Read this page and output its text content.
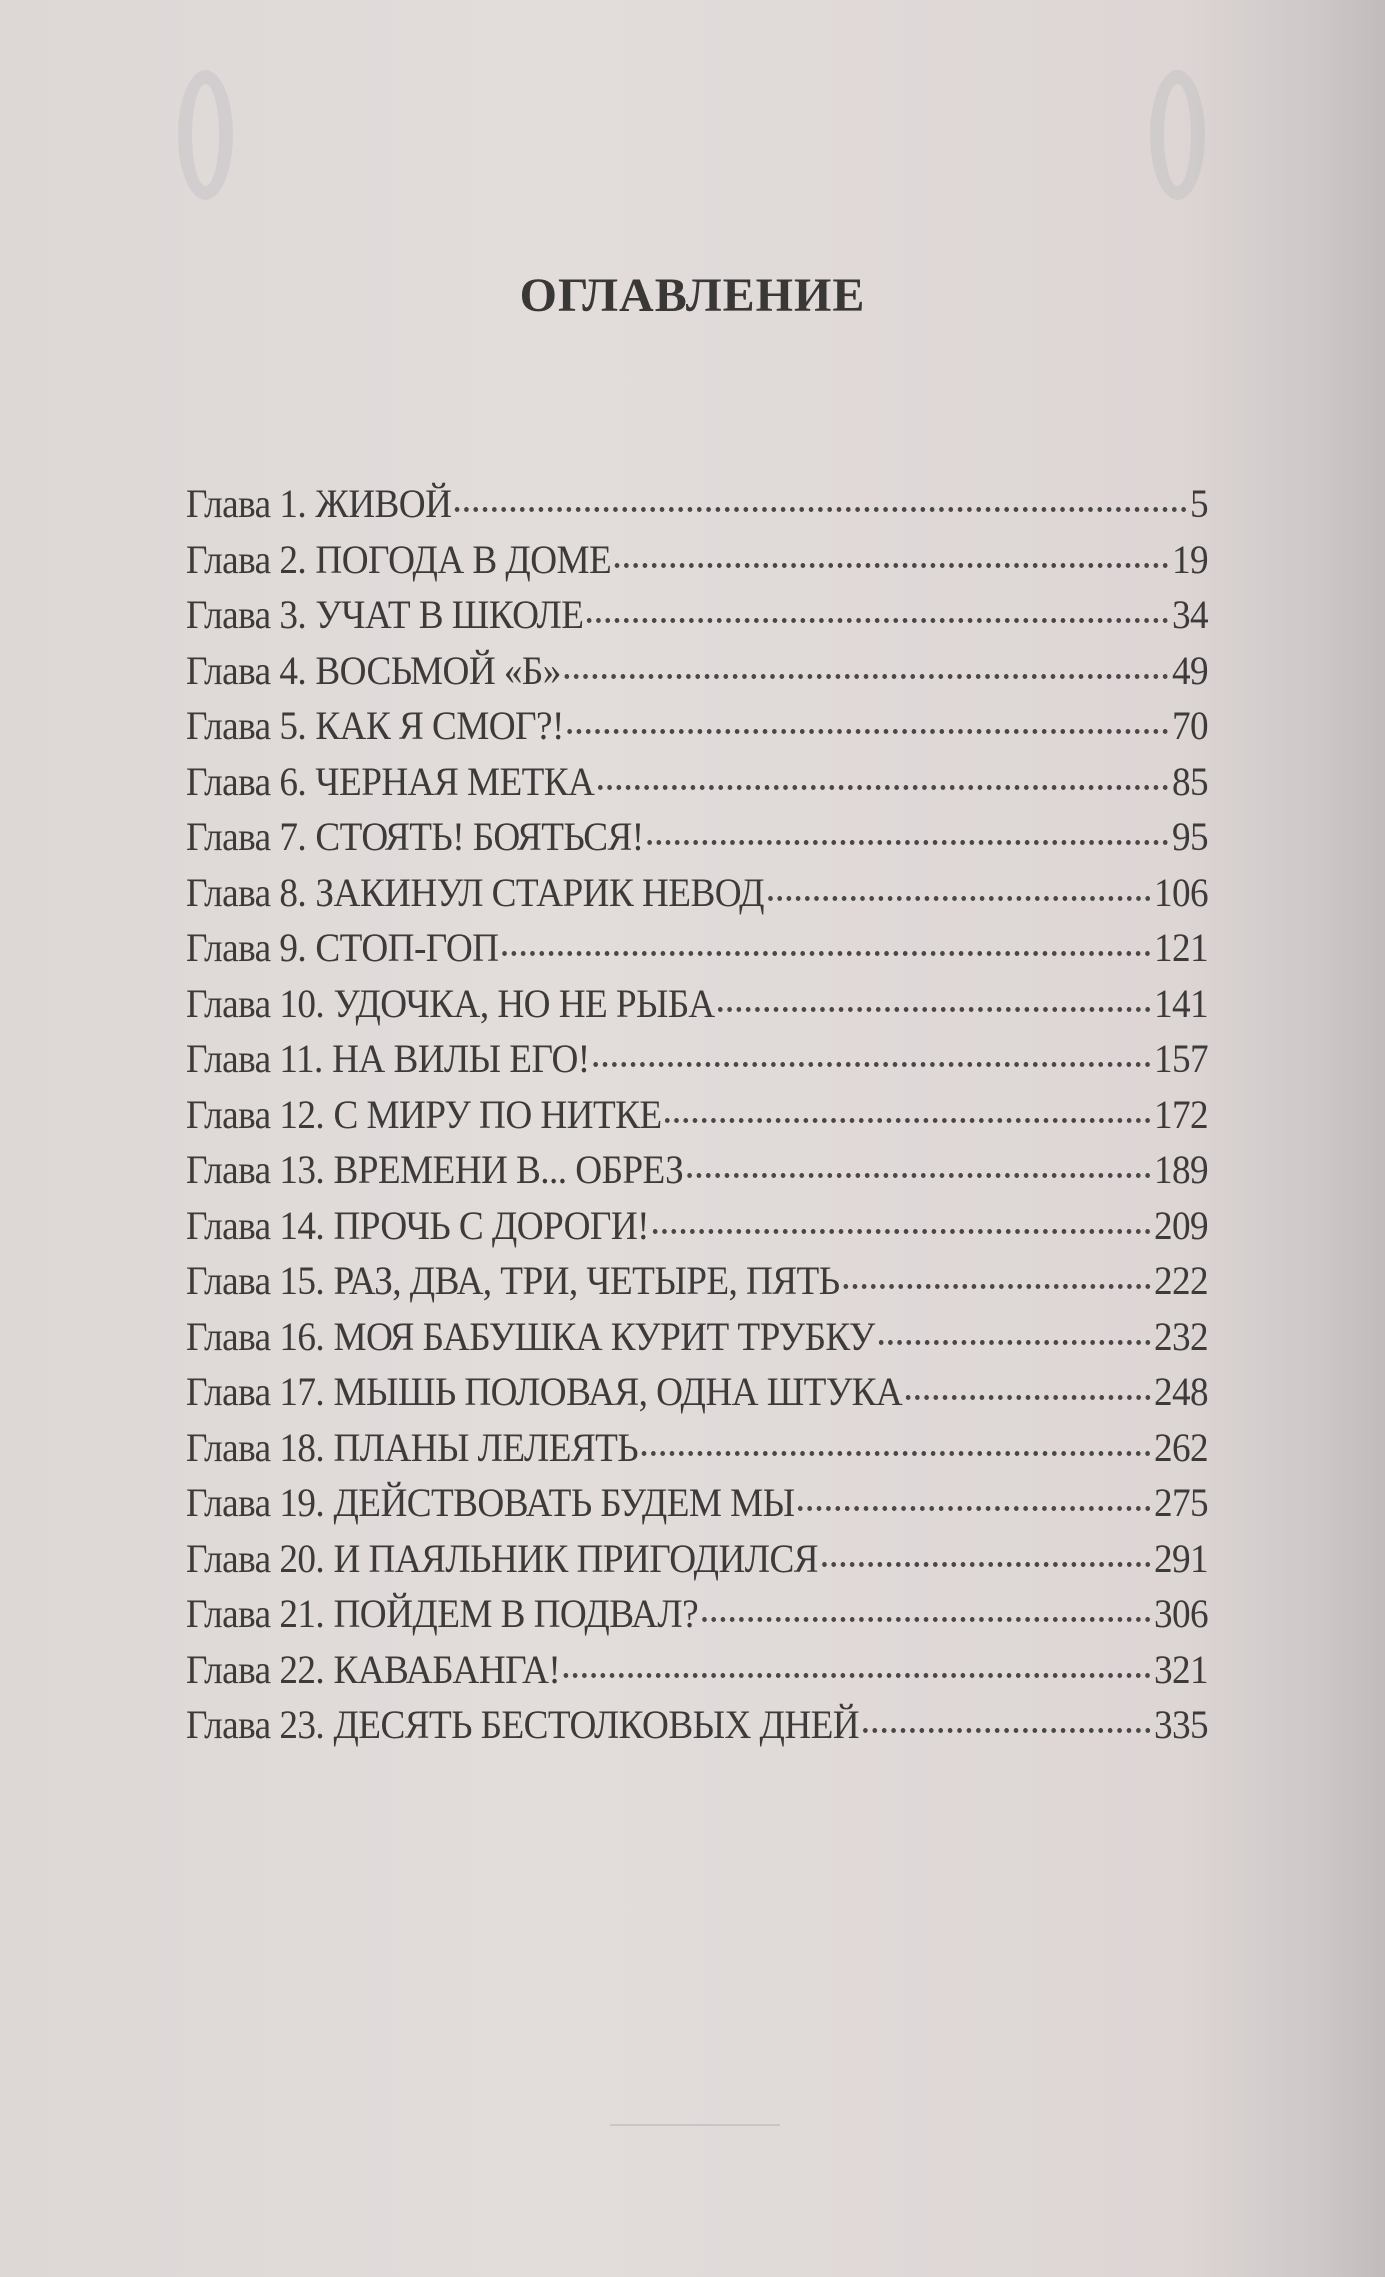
ОГЛАВЛЕНИЕ
Глава 1. ЖИВОЙ	5
Глава 2. ПОГОДА В ДОМЕ	19
Глава 3. УЧАТ В ШКОЛЕ	34
Глава 4. ВОСЬМОЙ «Б»	49
Глава 5. КАК Я СМОГ?!	70
Глава 6. ЧЕРНАЯ МЕТКА	85
Глава 7. СТОЯТЬ! БОЯТЬСЯ!	95
Глава 8. ЗАКИНУЛ СТАРИК НЕВОД	106
Глава 9. СТОП-ГОП	121
Глава 10. УДОЧКА, НО НЕ РЫБА	141
Глава 11. НА ВИЛЫ ЕГО!	157
Глава 12. С МИРУ ПО НИТКЕ	172
Глава 13. ВРЕМЕНИ В... ОБРЕЗ	189
Глава 14. ПРОЧЬ С ДОРОГИ!	209
Глава 15. РАЗ, ДВА, ТРИ, ЧЕТЫРЕ, ПЯТЬ	222
Глава 16. МОЯ БАБУШКА КУРИТ ТРУБКУ	232
Глава 17. МЫШЬ ПОЛОВАЯ, ОДНА ШТУКА	248
Глава 18. ПЛАНЫ ЛЕЛЕЯТЬ	262
Глава 19. ДЕЙСТВОВАТЬ БУДЕМ МЫ	275
Глава 20. И ПАЯЛЬНИК ПРИГОДИЛСЯ	291
Глава 21. ПОЙДЕМ В ПОДВАЛ?	306
Глава 22. КАВАБАНГА!	321
Глава 23. ДЕСЯТЬ БЕСТОЛКОВЫХ ДНЕЙ	335
